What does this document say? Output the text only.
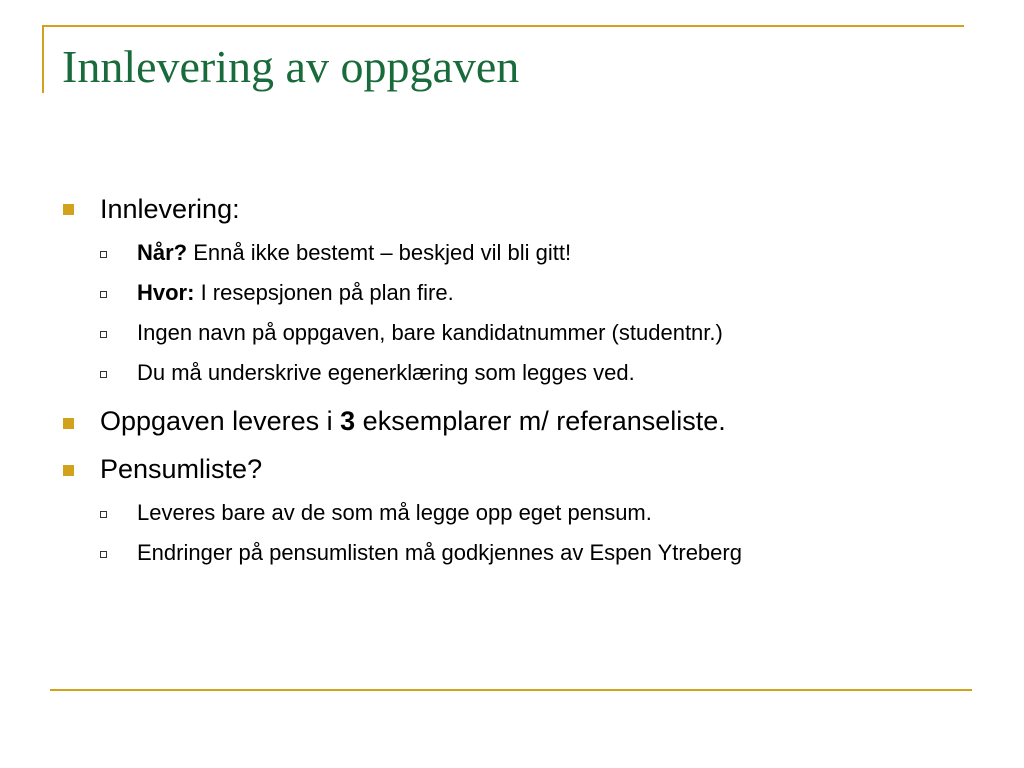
Innlevering av oppgaven
Innlevering:
Når? Ennå ikke bestemt – beskjed vil bli gitt!
Hvor: I resepsjonen på plan fire.
Ingen navn på oppgaven, bare kandidatnummer (studentnr.)
Du må underskrive egenerklæring som legges ved.
Oppgaven leveres i 3 eksemplarer m/ referanseliste.
Pensumliste?
Leveres bare av de som må legge opp eget pensum.
Endringer på pensumlisten må godkjennes av Espen Ytreberg
